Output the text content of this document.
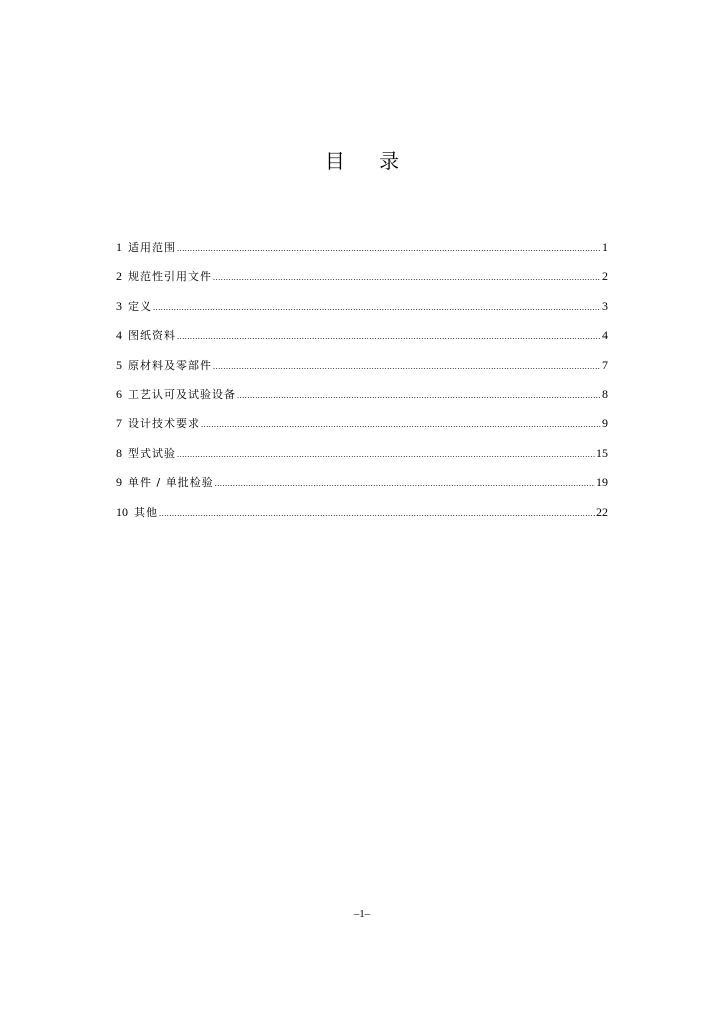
目 录
1 适用范围 .....	1
2 规范性引用文件 .....	2
3 定义 .....	3
4 图纸资料 .....	4
5 原材料及零部件 .....	7
6 工艺认可及试验设备 .....	8
7 设计技术要求 .....	9
8 型式试验 .....	15
9 单件 / 单批检验 .....	19
10 其他 .....	22
–1–
